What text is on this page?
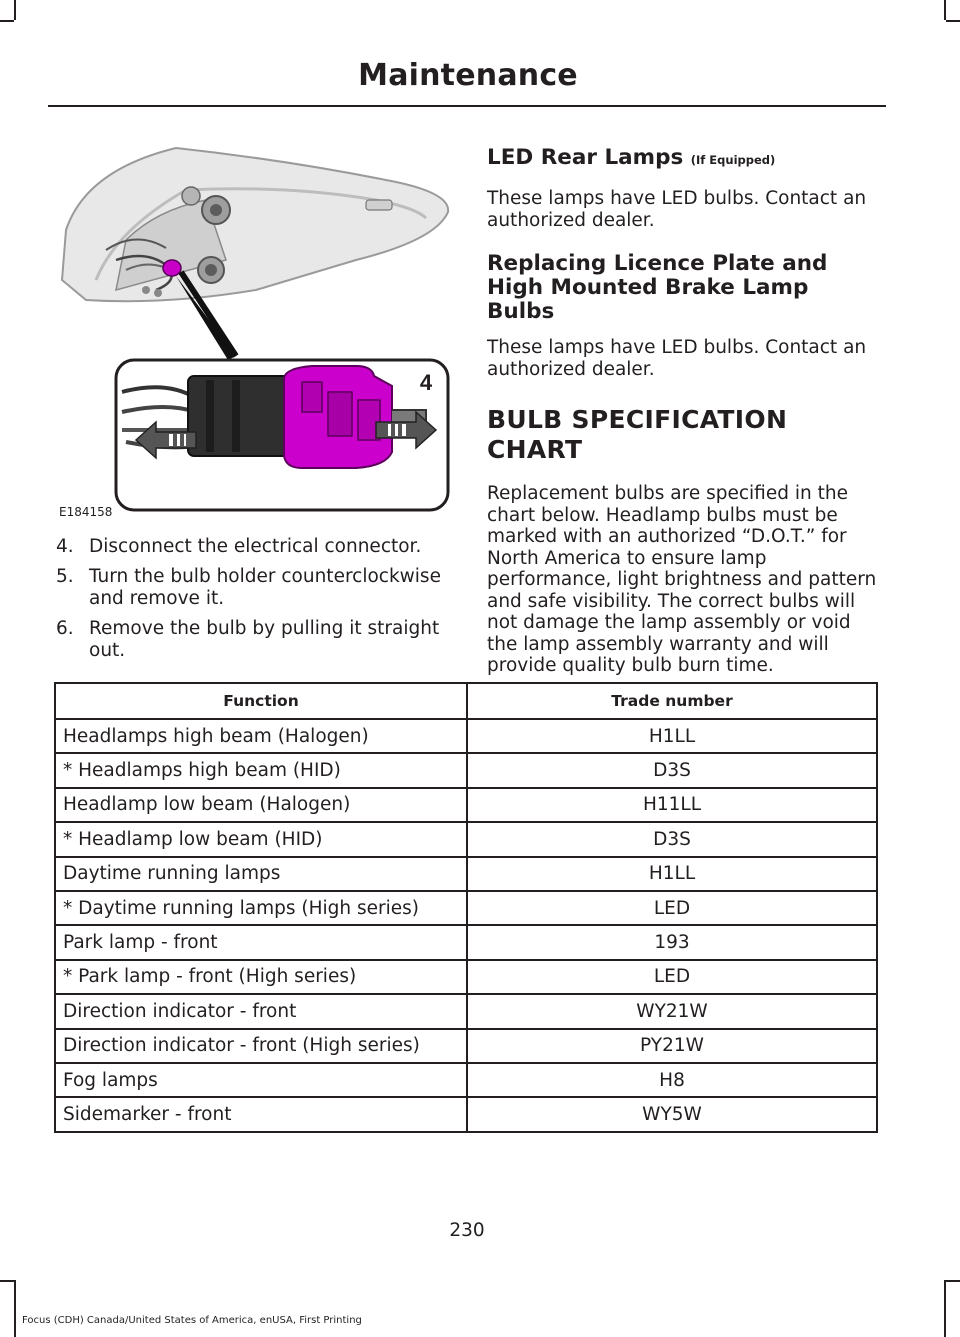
Maintenance
4
E184158
4. Disconnect the electrical connector.
5. Turn the bulb holder counterclockwise and remove it.
6. Remove the bulb by pulling it straight out.
LED Rear Lamps (If Equipped)

These lamps have LED bulbs. Contact an authorized dealer.

Replacing Licence Plate and High Mounted Brake Lamp Bulbs

These lamps have LED bulbs. Contact an authorized dealer.

BULB SPECIFICATION CHART

Replacement bulbs are specified in the chart below. Headlamp bulbs must be marked with an authorized “D.O.T.” for North America to ensure lamp performance, light brightness and pattern and safe visibility. The correct bulbs will not damage the lamp assembly or void the lamp assembly warranty and will provide quality bulb burn time.

Function	Trade number
Headlamps high beam (Halogen)	H1LL
* Headlamps high beam (HID)	D3S
Headlamp low beam (Halogen)	H11LL
* Headlamp low beam (HID)	D3S
Daytime running lamps	H1LL
* Daytime running lamps (High series)	LED
Park lamp - front	193
* Park lamp - front (High series)	LED
Direction indicator - front	WY21W
Direction indicator - front (High series)	PY21W
Fog lamps	H8
Sidemarker - front	WY5W
230
Focus (CDH) Canada/United States of America, enUSA, First Printing
